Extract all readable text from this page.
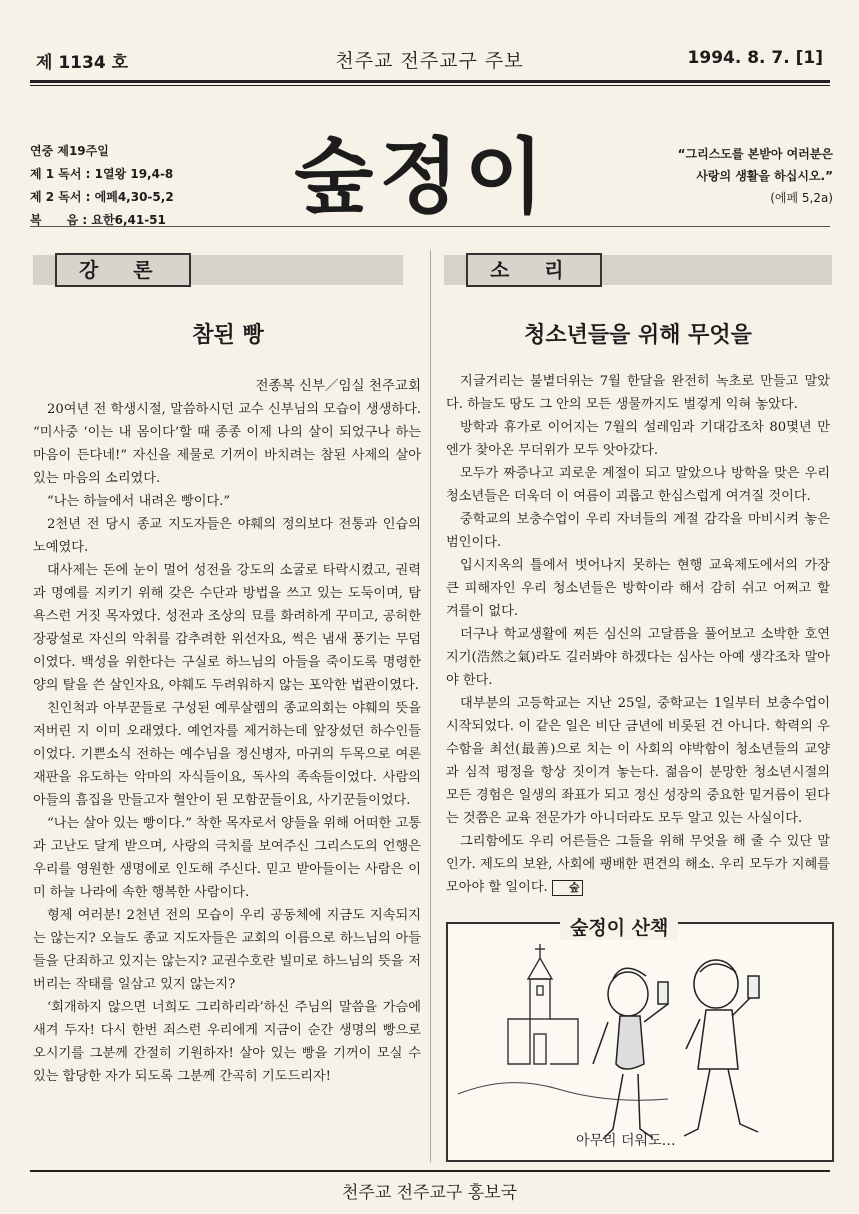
제 1134 호	천주교 전주교구 주보	1994. 8. 7. [1]
연중 제19주일
제 1 독서 : 1열왕 19,4-8
제 2 독서 : 에페4,30-5,2
복      음 : 요한6,41-51	숲정이	“그리스도를 본받아 여러분은
사랑의 생활을 하십시오.”
(에페 5,2a)
강 론	소 리
참된 빵
전종복 신부／임실 천주교회

20여년 전 학생시절, 말씀하시던 교수 신부님의 모습이 생생하다. “미사중 ‘이는 내 몸이다’할 때 종종 이제 나의 살이 되었구나 하는 마음이 든다네!” 자신을 제물로 기꺼이 바치려는 참된 사제의 살아 있는 마음의 소리였다.

“나는 하늘에서 내려온 빵이다.”

2천년 전 당시 종교 지도자들은 야훼의 정의보다 전통과 인습의 노예였다.

대사제는 돈에 눈이 멀어 성전을 강도의 소굴로 타락시켰고, 권력과 명예를 지키기 위해 갖은 수단과 방법을 쓰고 있는 도둑이며, 탐욕스런 거짓 목자였다. 성전과 조상의 묘를 화려하게 꾸미고, 공허한 장광설로 자신의 악취를 감추려한 위선자요, 썩은 냄새 풍기는 무덤이였다. 백성을 위한다는 구실로 하느님의 아들을 죽이도록 명령한 양의 탈을 쓴 살인자요, 야훼도 두려워하지 않는 포악한 법관이였다.

친인척과 아부꾼들로 구성된 예루살렘의 종교의회는 야훼의 뜻을 저버린 지 이미 오래였다. 예언자를 제거하는데 앞장섰던 하수인들이었다. 기쁜소식 전하는 예수님을 정신병자, 마귀의 두목으로 여론재판을 유도하는 악마의 자식들이요, 독사의 족속들이었다. 사람의 아들의 흠집을 만들고자 혈안이 된 모함꾼들이요, 사기꾼들이었다.

“나는 살아 있는 빵이다.” 착한 목자로서 양들을 위해 어떠한 고통과 고난도 달게 받으며, 사랑의 극치를 보여주신 그리스도의 언행은 우리를 영원한 생명에로 인도해 주신다. 믿고 받아들이는 사람은 이미 하늘 나라에 속한 행복한 사람이다.

형제 여러분! 2천년 전의 모습이 우리 공동체에 지금도 지속되지는 않는지? 오늘도 종교 지도자들은 교회의 이름으로 하느님의 아들들을 단죄하고 있지는 않는지? 교권수호란 빌미로 하느님의 뜻을 저버리는 작태를 일삼고 있지 않는지?

‘회개하지 않으면 너희도 그리하리라’하신 주님의 말씀을 가슴에 새겨 두자! 다시 한번 죄스런 우리에게 지금이 순간 생명의 빵으로 오시기를 그분께 간절히 기원하자! 살아 있는 빵을 기꺼이 모실 수 있는 합당한 자가 되도록 그분께 간곡히 기도드리자!

청소년들을 위해 무엇을

지글거리는 불볕더위는 7월 한달을 완전히 녹초로 만들고 말았다. 하늘도 땅도 그 안의 모든 생물까지도 벌겋게 익혀 놓았다.

방학과 휴가로 이어지는 7월의 설레임과 기대감조차 80몇년 만엔가 찾아온 무더위가 모두 앗아갔다.

모두가 짜증나고 괴로운 계절이 되고 말았으나 방학을 맞은 우리 청소년들은 더욱더 이 여름이 괴롭고 한심스럽게 여겨질 것이다.

중학교의 보충수업이 우리 자녀들의 계절 감각을 마비시켜 놓은 범인이다.

입시지옥의 틀에서 벗어나지 못하는 현행 교육제도에서의 가장 큰 피해자인 우리 청소년들은 방학이라 해서 감히 쉬고 어쩌고 할 겨를이 없다.

더구나 학교생활에 찌든 심신의 고달픔을 풀어보고 소박한 호연지기(浩然之氣)라도 길러봐야 하겠다는 심사는 아예 생각조차 말아야 한다.

대부분의 고등학교는 지난 25일, 중학교는 1일부터 보충수업이 시작되었다. 이 같은 일은 비단 금년에 비롯된 건 아니다. 학력의 우수함을 최선(最善)으로 치는 이 사회의 야박함이 청소년들의 교양과 심적 평정을 항상 짓이겨 놓는다. 젊음이 분망한 청소년시절의 모든 경험은 일생의 좌표가 되고 정신 성장의 중요한 밑거름이 된다는 것쯤은 교육 전문가가 아니더라도 모두 알고 있는 사실이다.

그리함에도 우리 어른들은 그들을 위해 무엇을 해 줄 수 있단 말인가. 제도의 보완, 사회에 팽배한 편견의 해소. 우리 모두가 지혜를 모아야 할 일이다. 숲

숲정이 산책
아무리 더워도…
천주교 전주교구 홍보국
